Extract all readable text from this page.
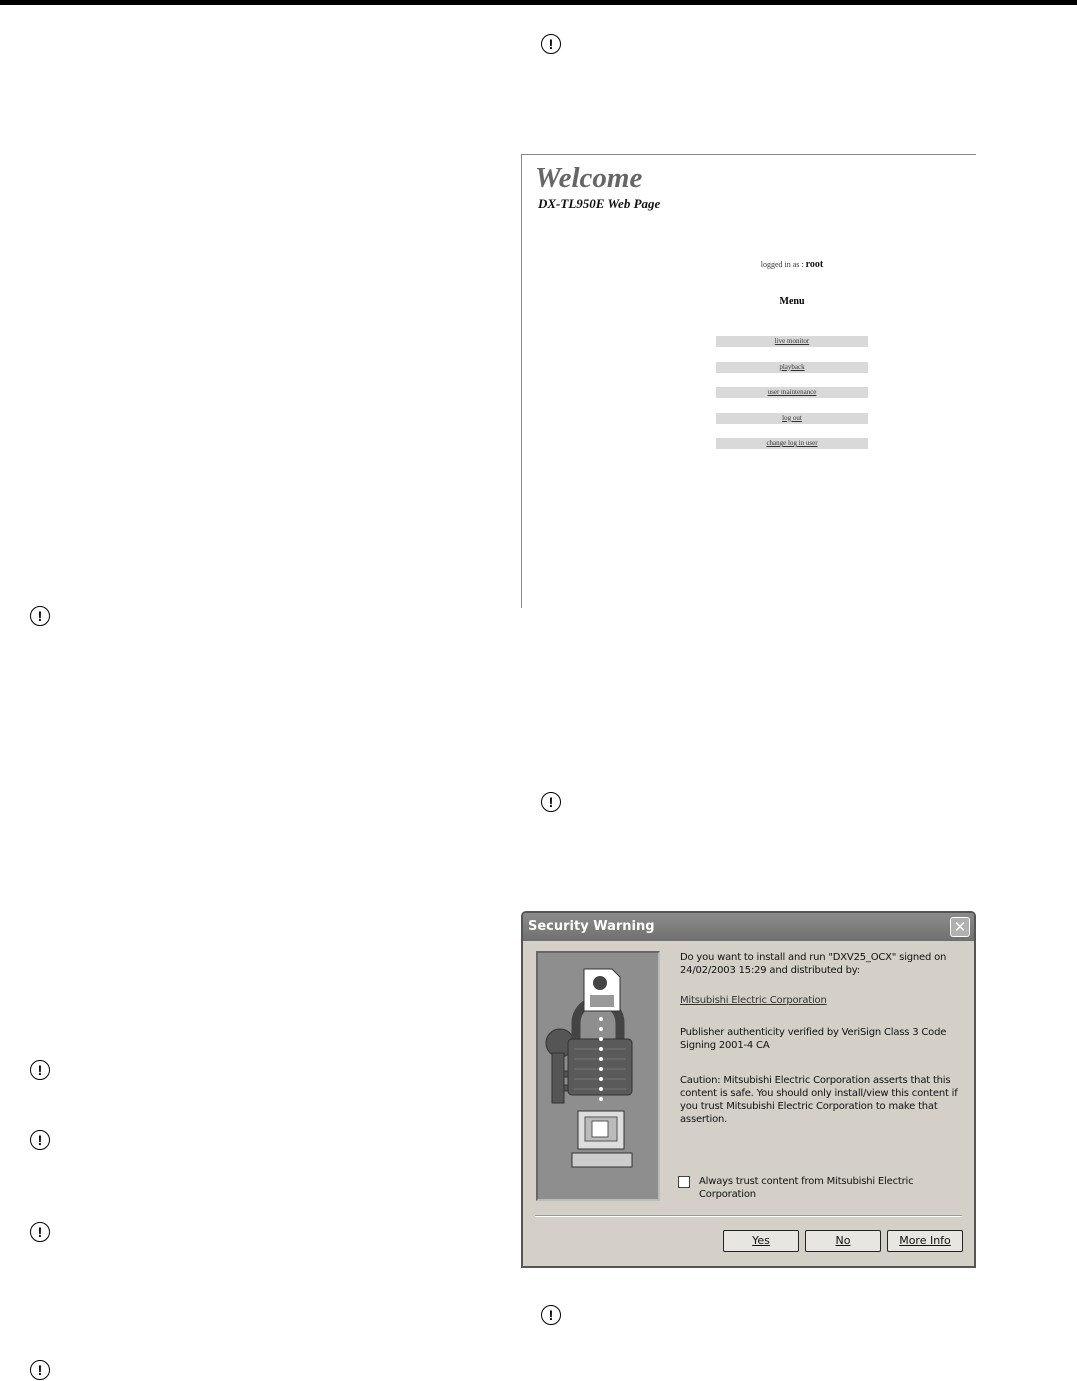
!
!
!
!
!
!
!
!
Welcome
DX-TL950E Web Page
logged in as : root
Menu
live monitor
playback
user maintenance
log out
change log in user
Security Warning	✕
Do you want to install and run "DXV25_OCX" signed on 24/02/2003 15:29 and distributed by:
Mitsubishi Electric Corporation
Publisher authenticity verified by VeriSign Class 3 Code Signing 2001-4 CA
Caution: Mitsubishi Electric Corporation asserts that this content is safe. You should only install/view this content if you trust Mitsubishi Electric Corporation to make that assertion.
Always trust content from Mitsubishi Electric Corporation
Yes	No	More Info
